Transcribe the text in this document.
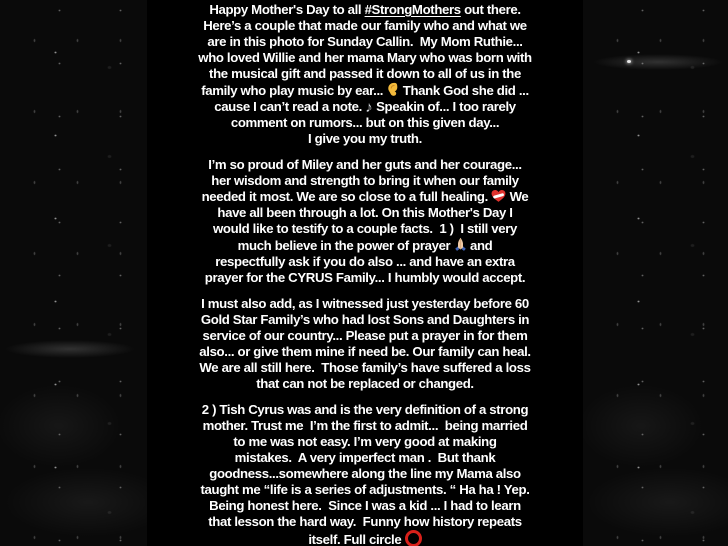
Happy Mother's Day to all #StrongMothers out there.
Here’s a couple that made our family who and what we
are in this photo for Sunday Callin.  My Mom Ruthie...
who loved Willie and her mama Mary who was born with
the musical gift and passed it down to all of us in the
family who play music by ear...  Thank God she did ...
cause I can’t read a note. ♪ Speakin of... I too rarely
comment on rumors... but on this given day...
I give you my truth.
I’m so proud of Miley and her guts and her courage...
her wisdom and strength to bring it when our family
needed it most. We are so close to a full healing.  We
have all been through a lot. On this Mother's Day I
would like to testify to a couple facts.  1 )  I still very
much believe in the power of prayer  and
respectfully ask if you do also ... and have an extra
prayer for the CYRUS Family... I humbly would accept.
I must also add, as I witnessed just yesterday before 60
Gold Star Family’s who had lost Sons and Daughters in
service of our country... Please put a prayer in for them
also... or give them mine if need be. Our family can heal.
We are all still here.  Those family’s have suffered a loss
that can not be replaced or changed.
2 ) Tish Cyrus was and is the very definition of a strong
mother. Trust me  I’m the first to admit...  being married
to me was not easy. I’m very good at making
mistakes.  A very imperfect man .  But thank
goodness...somewhere along the line my Mama also
taught me “life is a series of adjustments. “ Ha ha ! Yep.
Being honest here.  Since I was a kid ... I had to learn
that lesson the hard way.  Funny how history repeats
itself. Full circle
